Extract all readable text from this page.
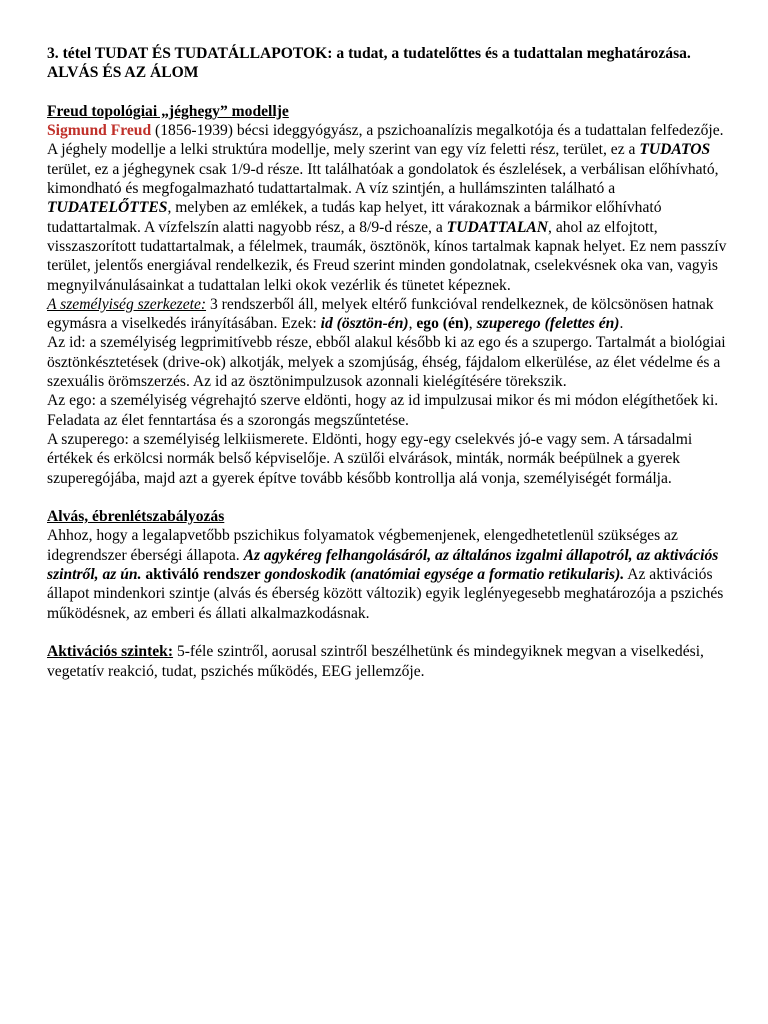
3. tétel TUDAT ÉS TUDATÁLLAPOTOK: a tudat, a tudatelőttes és a tudattalan meghatározása. ALVÁS ÉS AZ ÁLOM

Freud topológiai „jéghegy” modellje

Sigmund Freud (1856-1939) bécsi ideggyógyász, a pszichoanalízis megalkotója és a tudattalan felfedezője. A jéghely modellje a lelki struktúra modellje, mely szerint van egy víz feletti rész, terület, ez a TUDATOS terület, ez a jéghegynek csak 1/9-d része. Itt találhatóak a gondolatok és észlelések, a verbálisan előhívható, kimondható és megfogalmazható tudattartalmak. A víz szintjén, a hullámszinten található a TUDATELŐTTES, melyben az emlékek, a tudás kap helyet, itt várakoznak a bármikor előhívható tudattartalmak. A vízfelszín alatti nagyobb rész, a 8/9-d része, a TUDATTALAN, ahol az elfojtott, visszaszorított tudattartalmak, a félelmek, traumák, ösztönök, kínos tartalmak kapnak helyet. Ez nem passzív terület, jelentős energiával rendelkezik, és Freud szerint minden gondolatnak, cselekvésnek oka van, vagyis megnyilvánulásainkat a tudattalan lelki okok vezérlik és tünetet képeznek.

A személyiség szerkezete: 3 rendszerből áll, melyek eltérő funkcióval rendelkeznek, de kölcsönösen hatnak egymásra a viselkedés irányításában. Ezek: id (ösztön-én), ego (én), szuperego (felettes én).

Az id: a személyiség legprimitívebb része, ebből alakul később ki az ego és a szupergo. Tartalmát a biológiai ösztönkésztetések (drive-ok) alkotják, melyek a szomjúság, éhség, fájdalom elkerülése, az élet védelme és a szexuális örömszerzés. Az id az ösztönimpulzusok azonnali kielégítésére törekszik.

Az ego: a személyiség végrehajtó szerve eldönti, hogy az id impulzusai mikor és mi módon elégíthetőek ki. Feladata az élet fenntartása és a szorongás megszűntetése.

A szuperego: a személyiség lelkiismerete. Eldönti, hogy egy-egy cselekvés jó-e vagy sem. A társadalmi értékek és erkölcsi normák belső képviselője. A szülői elvárások, minták, normák beépülnek a gyerek szuperegójába, majd azt a gyerek építve tovább később kontrollja alá vonja, személyiségét formálja.

Alvás, ébrenlétszabályozás

Ahhoz, hogy a legalapvetőbb pszichikus folyamatok végbemenjenek, elengedhetetlenül szükséges az idegrendszer éberségi állapota. Az agykéreg felhangolásáról, az általános izgalmi állapotról, az aktivációs szintről, az ún. aktiváló rendszer gondoskodik (anatómiai egysége a formatio retikularis). Az aktivációs állapot mindenkori szintje (alvás és éberség között változik) egyik leglényegesebb meghatározója a pszichés működésnek, az emberi és állati alkalmazkodásnak.

Aktivációs szintek: 5-féle szintről, aorusal szintről beszélhetünk és mindegyiknek megvan a viselkedési, vegetatív reakció, tudat, pszichés működés, EEG jellemzője.
